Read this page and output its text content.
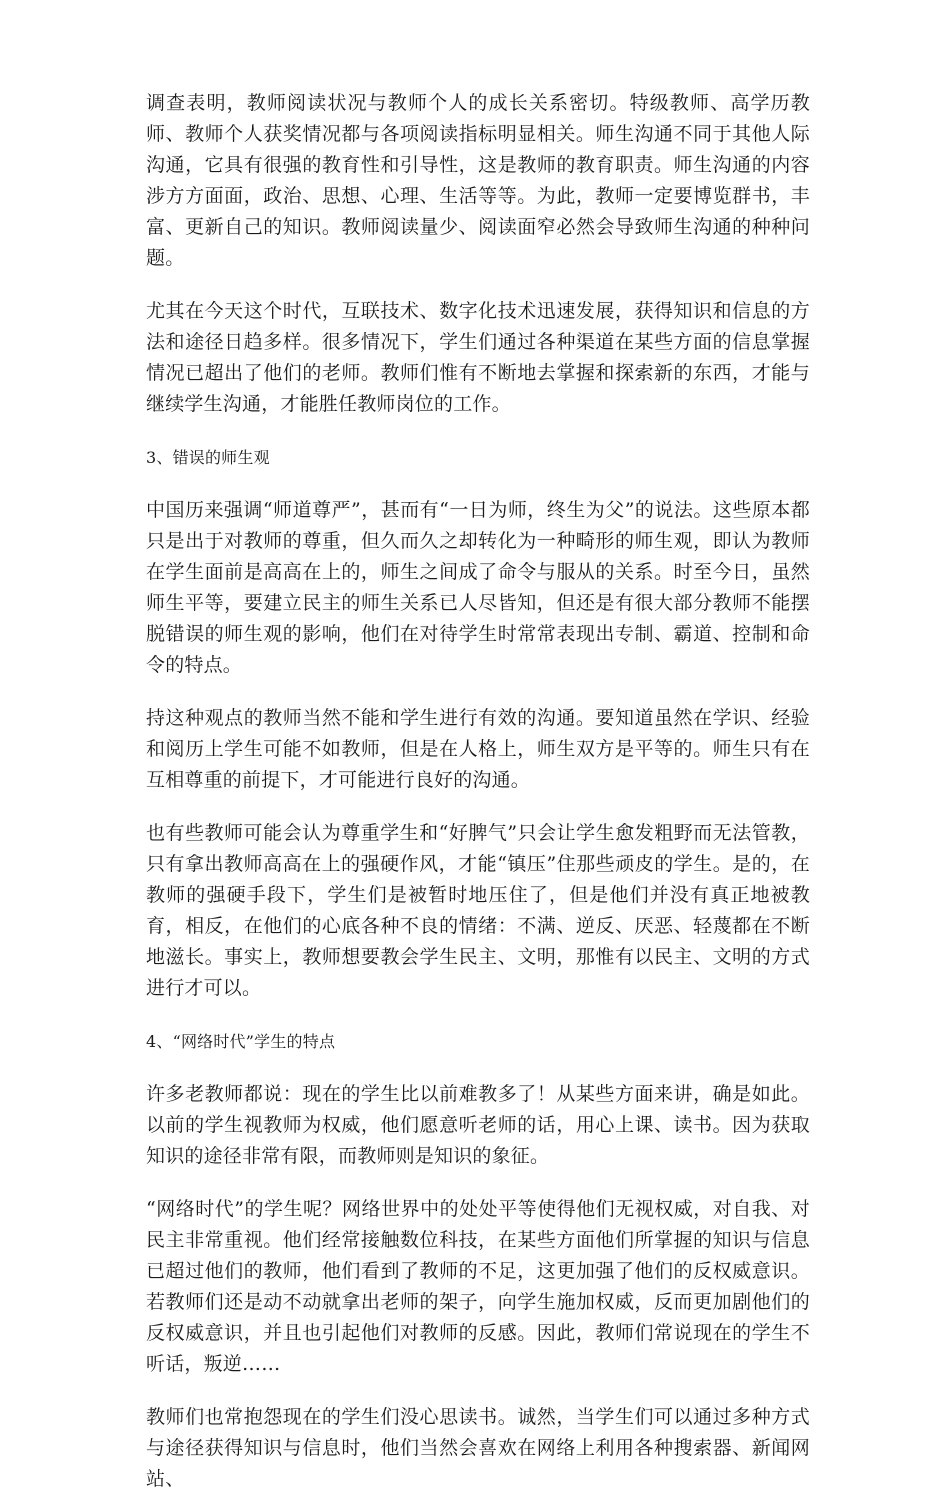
调查表明，教师阅读状况与教师个人的成长关系密切。特级教师、高学历教师、教师个人获奖情况都与各项阅读指标明显相关。师生沟通不同于其他人际沟通，它具有很强的教育性和引导性，这是教师的教育职责。师生沟通的内容涉方方面面，政治、思想、心理、生活等等。为此，教师一定要博览群书，丰富、更新自己的知识。教师阅读量少、阅读面窄必然会导致师生沟通的种种问题。

尤其在今天这个时代，互联技术、数字化技术迅速发展，获得知识和信息的方法和途径日趋多样。很多情况下，学生们通过各种渠道在某些方面的信息掌握情况已超出了他们的老师。教师们惟有不断地去掌握和探索新的东西，才能与继续学生沟通，才能胜任教师岗位的工作。

3、错误的师生观

中国历来强调“师道尊严”，甚而有“一日为师，终生为父”的说法。这些原本都只是出于对教师的尊重，但久而久之却转化为一种畸形的师生观，即认为教师在学生面前是高高在上的，师生之间成了命令与服从的关系。时至今日，虽然师生平等，要建立民主的师生关系已人尽皆知，但还是有很大部分教师不能摆脱错误的师生观的影响，他们在对待学生时常常表现出专制、霸道、控制和命令的特点。

持这种观点的教师当然不能和学生进行有效的沟通。要知道虽然在学识、经验和阅历上学生可能不如教师，但是在人格上，师生双方是平等的。师生只有在互相尊重的前提下，才可能进行良好的沟通。

也有些教师可能会认为尊重学生和“好脾气”只会让学生愈发粗野而无法管教，只有拿出教师高高在上的强硬作风，才能“镇压”住那些顽皮的学生。是的，在教师的强硬手段下，学生们是被暂时地压住了，但是他们并没有真正地被教育，相反，在他们的心底各种不良的情绪：不满、逆反、厌恶、轻蔑都在不断地滋长。事实上，教师想要教会学生民主、文明，那惟有以民主、文明的方式进行才可以。

4、“网络时代”学生的特点

许多老教师都说：现在的学生比以前难教多了！从某些方面来讲，确是如此。以前的学生视教师为权威，他们愿意听老师的话，用心上课、读书。因为获取知识的途径非常有限，而教师则是知识的象征。

“网络时代”的学生呢？网络世界中的处处平等使得他们无视权威，对自我、对民主非常重视。他们经常接触数位科技，在某些方面他们所掌握的知识与信息已超过他们的教师，他们看到了教师的不足，这更加强了他们的反权威意识。若教师们还是动不动就拿出老师的架子，向学生施加权威，反而更加剧他们的反权威意识，并且也引起他们对教师的反感。因此，教师们常说现在的学生不听话，叛逆……

教师们也常抱怨现在的学生们没心思读书。诚然，当学生们可以通过多种方式与途径获得知识与信息时，他们当然会喜欢在网络上利用各种搜索器、新闻网站、
